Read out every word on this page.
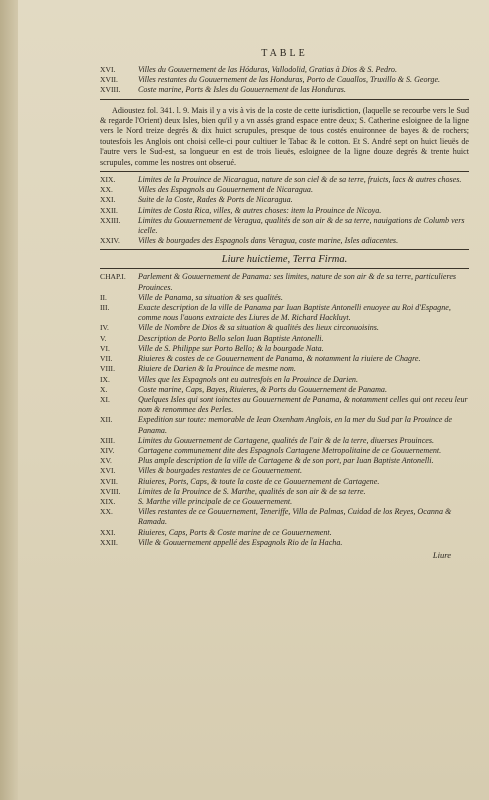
TABLE
XVI.	Villes du Gouuernement de las Hóduras, Vallodolid, Gratias à Dios & S. Pedro.
XVII.	Villes restantes du Gouuernement de las Honduras, Porto de Cauallos, Truxillo & S. George.
XVIII.	Coste marine, Ports & Isles du Gouuernement de las Honduras.

Adioustez fol. 341. l. 9. Mais il y a vis à vis de la coste de cette iurisdiction, (laquelle se recourbe vers le Sud & regarde l'Orient) deux Isles, bien qu'il y a vn assés grand espace entre deux; S. Catherine esloignee de la ligne vers le Nord treize degrés & dix huict scrupules, presque de tous costés enuironnee de bayes & de rochers; toutesfois les Anglois ont choisi celle-ci pour cultiuer le Tabac & le cotton. Et S. André sept on huict lieuës de l'autre vers le Sud-est, sa longueur en est de trois lieuës, esloignee de la ligne douze degrés & trente huict scrupules, comme les nostres ont obserué.

XIX.	Limites de la Prouince de Nicaragua, nature de son ciel & de sa terre, fruicts, lacs & autres choses.
XX.	Villes des Espagnols au Gouuernement de Nicaragua.
XXI.	Suite de la Coste, Rades & Ports de Nicaragua.
XXII.	Limites de Costa Rica, villes, & autres choses: item la Prouince de Nicoya.
XXIII.	Limites du Gouuernement de Veragua, qualités de son air & de sa terre, nauigations de Columb vers icelle.
XXIV.	Villes & bourgades des Espagnols dans Veragua, coste marine, Isles adiacentes.
Liure huictieme, Terra Firma.
CHAP.I.	Parlement & Gouuernement de Panama: ses limites, nature de son air & de sa terre, particulieres Prouinces.
II.	Ville de Panama, sa situation & ses qualités.
III.	Exacte description de la ville de Panama par Iuan Baptiste Antonelli enuoyee au Roi d'Espagne, comme nous l'auons extraicte des Liures de M. Richard Hackluyt.
IV.	Ville de Nombre de Dios & sa situation & qualités des lieux circonuoisins.
V.	Description de Porto Bello selon Iuan Baptiste Antonelli.
VI.	Ville de S. Philippe sur Porto Bello; & la bourgade Nata.
VII.	Riuieres & costes de ce Gouuernement de Panama, & notamment la riuiere de Chagre.
VIII.	Riuiere de Darien & la Prouince de mesme nom.
IX.	Villes que les Espagnols ont eu autresfois en la Prouince de Darien.
X.	Coste marine, Caps, Bayes, Riuieres, & Ports du Gouuernement de Panama.
XI.	Quelques Isles qui sont ioinctes au Gouuernement de Panama, & notamment celles qui ont receu leur nom & renommee des Perles.
XII.	Expedition sur toute: memorable de Iean Oxenham Anglois, en la mer du Sud par la Prouince de Panama.
XIII.	Limites du Gouuernement de Cartagene, qualités de l'air & de la terre, diuerses Prouinces.
XIV.	Cartagene communement dite des Espagnols Cartagene Metropolitaine de ce Gouuernement.
XV.	Plus ample description de la ville de Cartagene & de son port, par Iuan Baptiste Antonelli.
XVI.	Villes & bourgades restantes de ce Gouuernement.
XVII.	Riuieres, Ports, Caps, & toute la coste de ce Gouuernement de Cartagene.
XVIII.	Limites de la Prouince de S. Marthe, qualités de son air & de sa terre.
XIX.	S. Marthe ville principale de ce Gouuernement.
XX.	Villes restantes de ce Gouuernement, Teneriffe, Villa de Palmas, Cuidad de los Reyes, Ocanna & Ramada.
XXI.	Riuieres, Caps, Ports & Coste marine de ce Gouuernement.
XXII.	Ville & Gouuernement appellé des Espagnols Rio de la Hacha.
Liure
